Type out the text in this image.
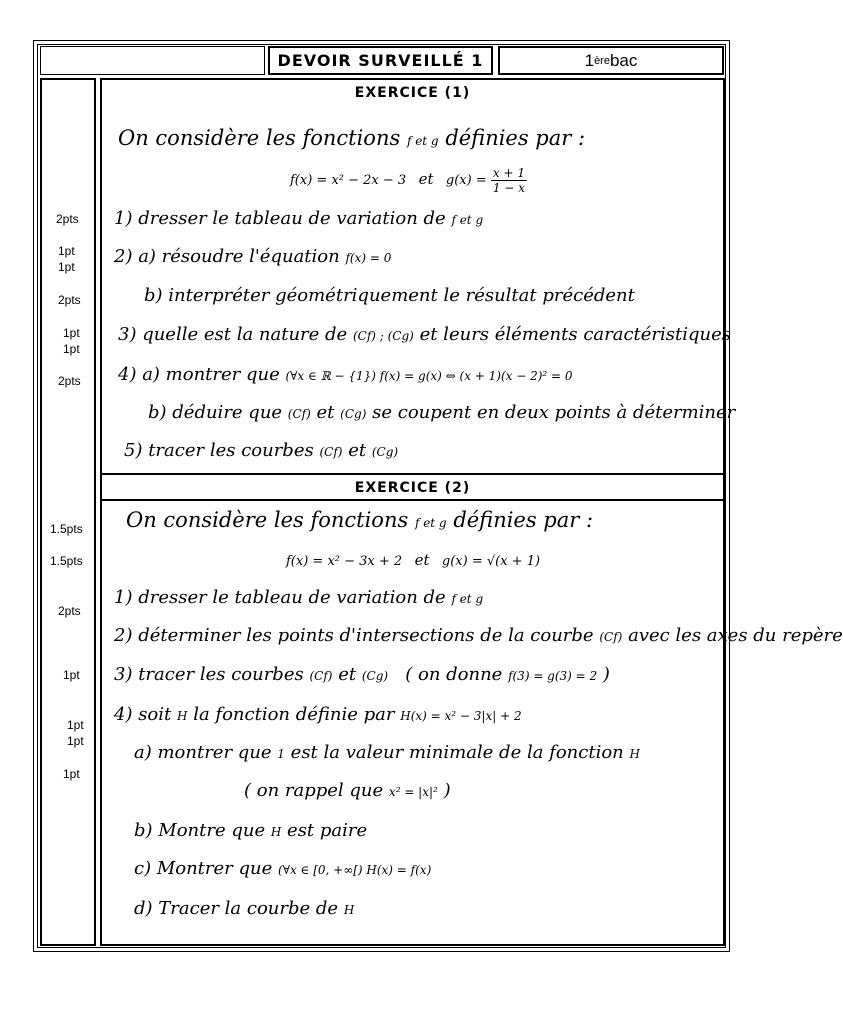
DEVOIR SURVEILLÉ 1	1 ère bac
2pts
1pt
1pt
2pts
1pt
1pt
2pts
1.5pts
1.5pts
2pts
1pt
1pt
1pt
1pt
EXERCICE (1)
On considère les fonctions f et g définies par :
f(x) = x² − 2x − 3 et $g(x) = \frac{x + 1}{1 - x}$
1) dresser le tableau de variation de f et g
2) a) résoudre l'équation f(x) = 0
b) interpréter géométriquement le résultat précédent
3) quelle est la nature de (Cf) ; (Cg) et leurs éléments caractéristiques
4) a) montrer que (∀x ∈ ℝ − {1}) f(x) = g(x) ⇔ (x + 1)(x − 2)² = 0
b) déduire que (Cf) et (Cg) se coupent en deux points à déterminer
5) tracer les courbes (Cf) et (Cg)
EXERCICE (2)
On considère les fonctions f et g définies par :
f(x) = x² − 3x + 2 et g(x) = √(x + 1)
1) dresser le tableau de variation de f et g
2) déterminer les points d'intersections de la courbe (Cf) avec les axes du repère
3) tracer les courbes (Cf) et (Cg) ( on donne f(3) = g(3) = 2 )
4) soit H la fonction définie par H(x) = x² − 3|x| + 2
a) montrer que 1 est la valeur minimale de la fonction H
( on rappel que x² = |x|² )
b) Montre que H est paire
c) Montrer que (∀x ∈ [0, +∞[) H(x) = f(x)
d) Tracer la courbe de H
